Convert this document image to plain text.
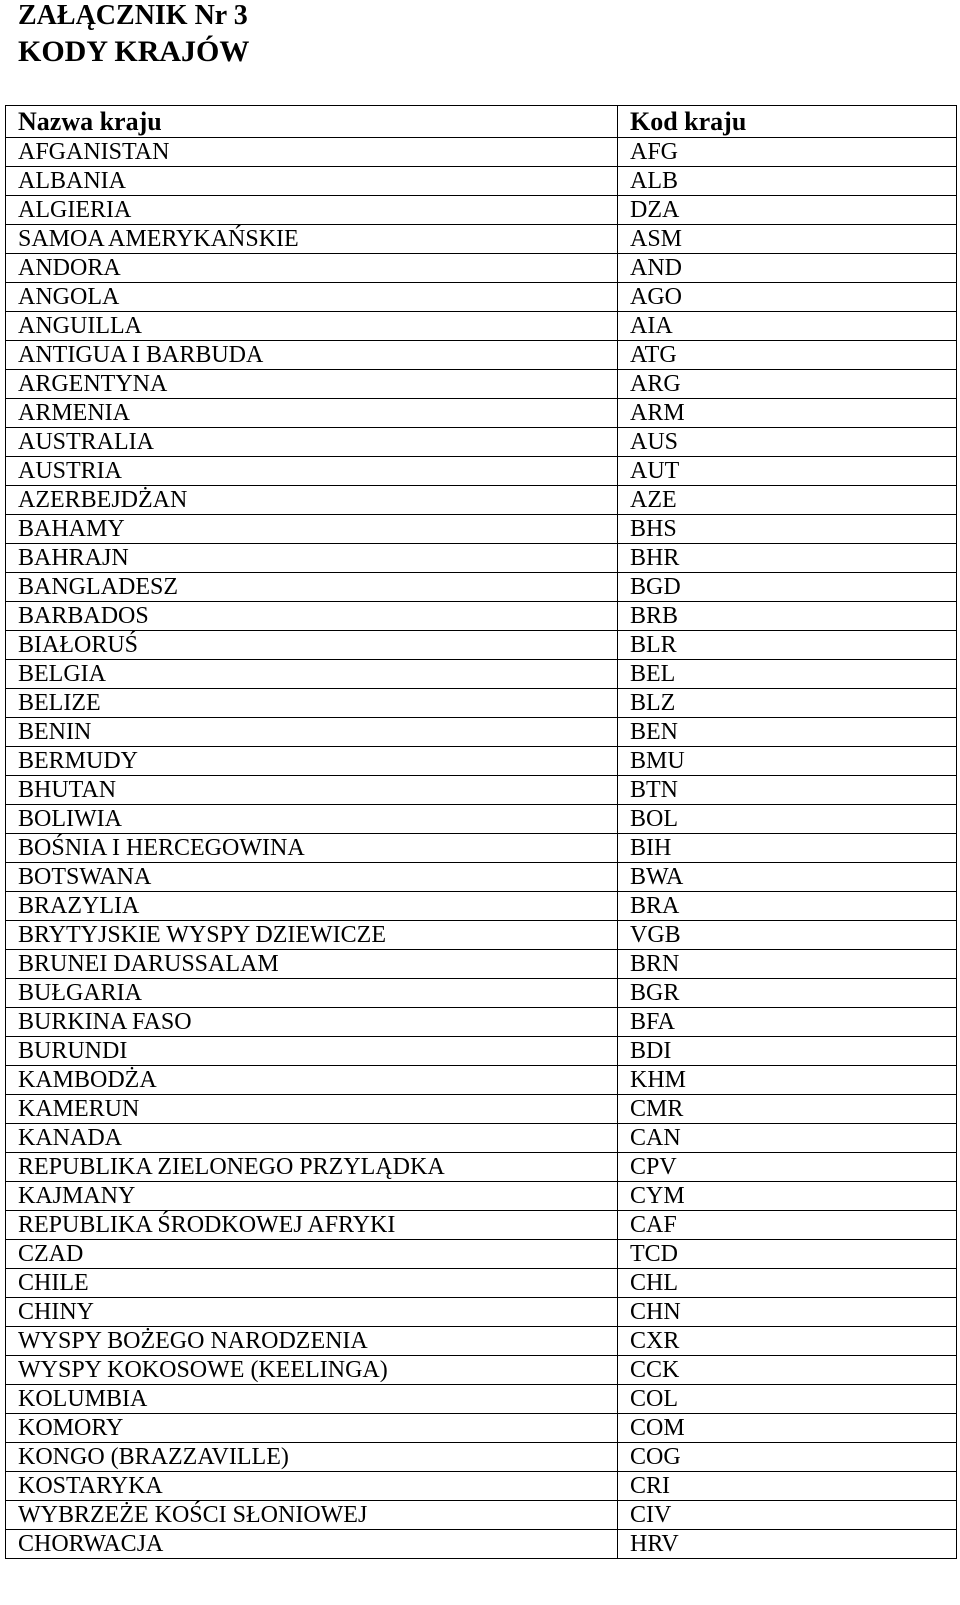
ZAŁĄCZNIK Nr 3
KODY KRAJÓW
Nazwa kraju	Kod kraju
AFGANISTAN	AFG
ALBANIA	ALB
ALGIERIA	DZA
SAMOA AMERYKAŃSKIE	ASM
ANDORA	AND
ANGOLA	AGO
ANGUILLA	AIA
ANTIGUA I BARBUDA	ATG
ARGENTYNA	ARG
ARMENIA	ARM
AUSTRALIA	AUS
AUSTRIA	AUT
AZERBEJDŻAN	AZE
BAHAMY	BHS
BAHRAJN	BHR
BANGLADESZ	BGD
BARBADOS	BRB
BIAŁORUŚ	BLR
BELGIA	BEL
BELIZE	BLZ
BENIN	BEN
BERMUDY	BMU
BHUTAN	BTN
BOLIWIA	BOL
BOŚNIA I HERCEGOWINA	BIH
BOTSWANA	BWA
BRAZYLIA	BRA
BRYTYJSKIE WYSPY DZIEWICZE	VGB
BRUNEI DARUSSALAM	BRN
BUŁGARIA	BGR
BURKINA FASO	BFA
BURUNDI	BDI
KAMBODŻA	KHM
KAMERUN	CMR
KANADA	CAN
REPUBLIKA ZIELONEGO PRZYLĄDKA	CPV
KAJMANY	CYM
REPUBLIKA ŚRODKOWEJ AFRYKI	CAF
CZAD	TCD
CHILE	CHL
CHINY	CHN
WYSPY BOŻEGO NARODZENIA	CXR
WYSPY KOKOSOWE (KEELINGA)	CCK
KOLUMBIA	COL
KOMORY	COM
KONGO (BRAZZAVILLE)	COG
KOSTARYKA	CRI
WYBRZEŻE KOŚCI SŁONIOWEJ	CIV
CHORWACJA	HRV
